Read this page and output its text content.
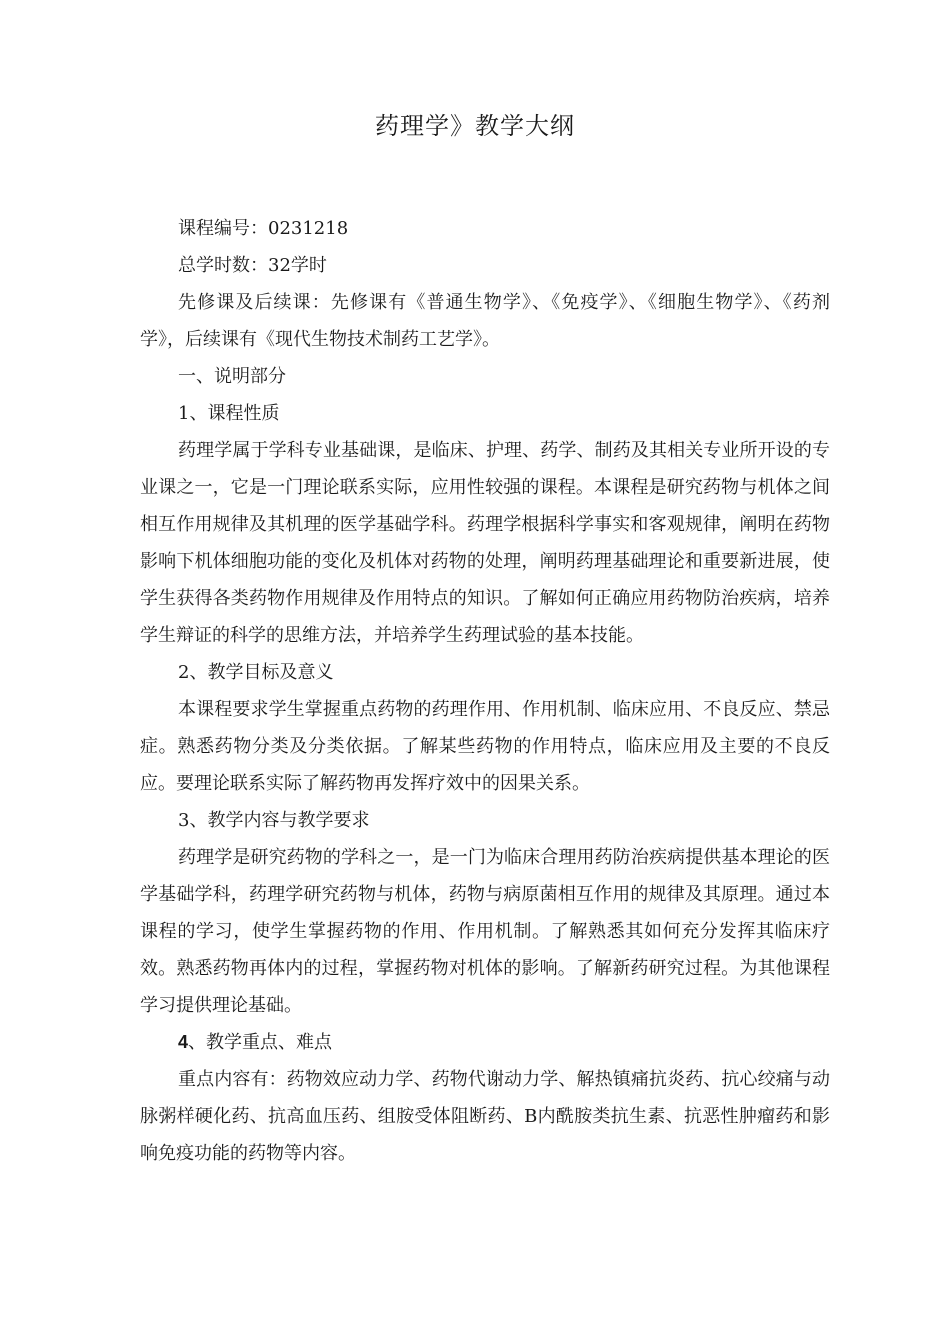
药理学》教学大纲

课程编号：0231218

总学时数：32学时

先修课及后续课：先修课有《普通生物学》、《免疫学》、《细胞生物学》、《药剂学》，后续课有《现代生物技术制药工艺学》。

一、说明部分

1、课程性质

药理学属于学科专业基础课，是临床、护理、药学、制药及其相关专业所开设的专业课之一，它是一门理论联系实际，应用性较强的课程。本课程是研究药物与机体之间相互作用规律及其机理的医学基础学科。药理学根据科学事实和客观规律，阐明在药物影响下机体细胞功能的变化及机体对药物的处理，阐明药理基础理论和重要新进展，使学生获得各类药物作用规律及作用特点的知识。了解如何正确应用药物防治疾病，培养学生辩证的科学的思维方法，并培养学生药理试验的基本技能。

2、教学目标及意义

本课程要求学生掌握重点药物的药理作用、作用机制、临床应用、不良反应、禁忌症。熟悉药物分类及分类依据。了解某些药物的作用特点，临床应用及主要的不良反应。要理论联系实际了解药物再发挥疗效中的因果关系。

3、教学内容与教学要求

药理学是研究药物的学科之一，是一门为临床合理用药防治疾病提供基本理论的医学基础学科，药理学研究药物与机体，药物与病原菌相互作用的规律及其原理。通过本课程的学习，使学生掌握药物的作用、作用机制。了解熟悉其如何充分发挥其临床疗效。熟悉药物再体内的过程，掌握药物对机体的影响。了解新药研究过程。为其他课程学习提供理论基础。

4、教学重点、难点

重点内容有：药物效应动力学、药物代谢动力学、解热镇痛抗炎药、抗心绞痛与动脉粥样硬化药、抗高血压药、组胺受体阻断药、B内酰胺类抗生素、抗恶性肿瘤药和影响免疫功能的药物等内容。
